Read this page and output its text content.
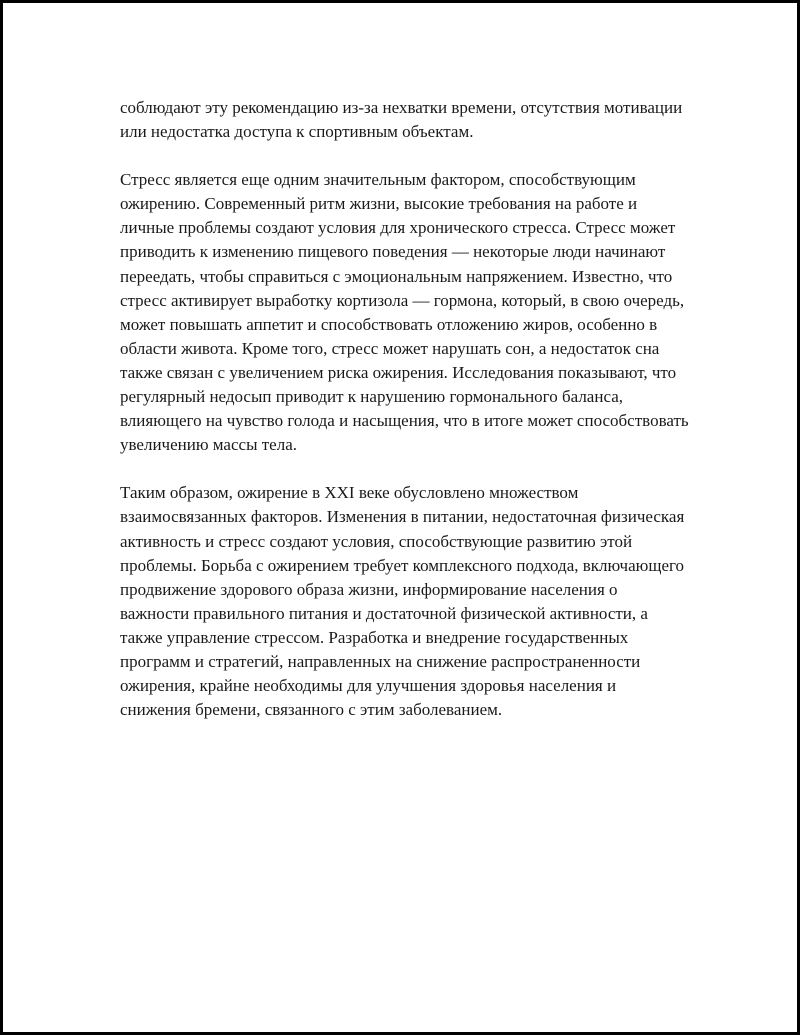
соблюдают эту рекомендацию из-за нехватки времени, отсутствия мотивации или недостатка доступа к спортивным объектам.

Стресс является еще одним значительным фактором, способствующим ожирению. Современный ритм жизни, высокие требования на работе и личные проблемы создают условия для хронического стресса. Стресс может приводить к изменению пищевого поведения — некоторые люди начинают переедать, чтобы справиться с эмоциональным напряжением. Известно, что стресс активирует выработку кортизола — гормона, который, в свою очередь, может повышать аппетит и способствовать отложению жиров, особенно в области живота. Кроме того, стресс может нарушать сон, а недостаток сна также связан с увеличением риска ожирения. Исследования показывают, что регулярный недосып приводит к нарушению гормонального баланса, влияющего на чувство голода и насыщения, что в итоге может способствовать увеличению массы тела.

Таким образом, ожирение в XXI веке обусловлено множеством взаимосвязанных факторов. Изменения в питании, недостаточная физическая активность и стресс создают условия, способствующие развитию этой проблемы. Борьба с ожирением требует комплексного подхода, включающего продвижение здорового образа жизни, информирование населения о важности правильного питания и достаточной физической активности, а также управление стрессом. Разработка и внедрение государственных программ и стратегий, направленных на снижение распространенности ожирения, крайне необходимы для улучшения здоровья населения и снижения бремени, связанного с этим заболеванием.
